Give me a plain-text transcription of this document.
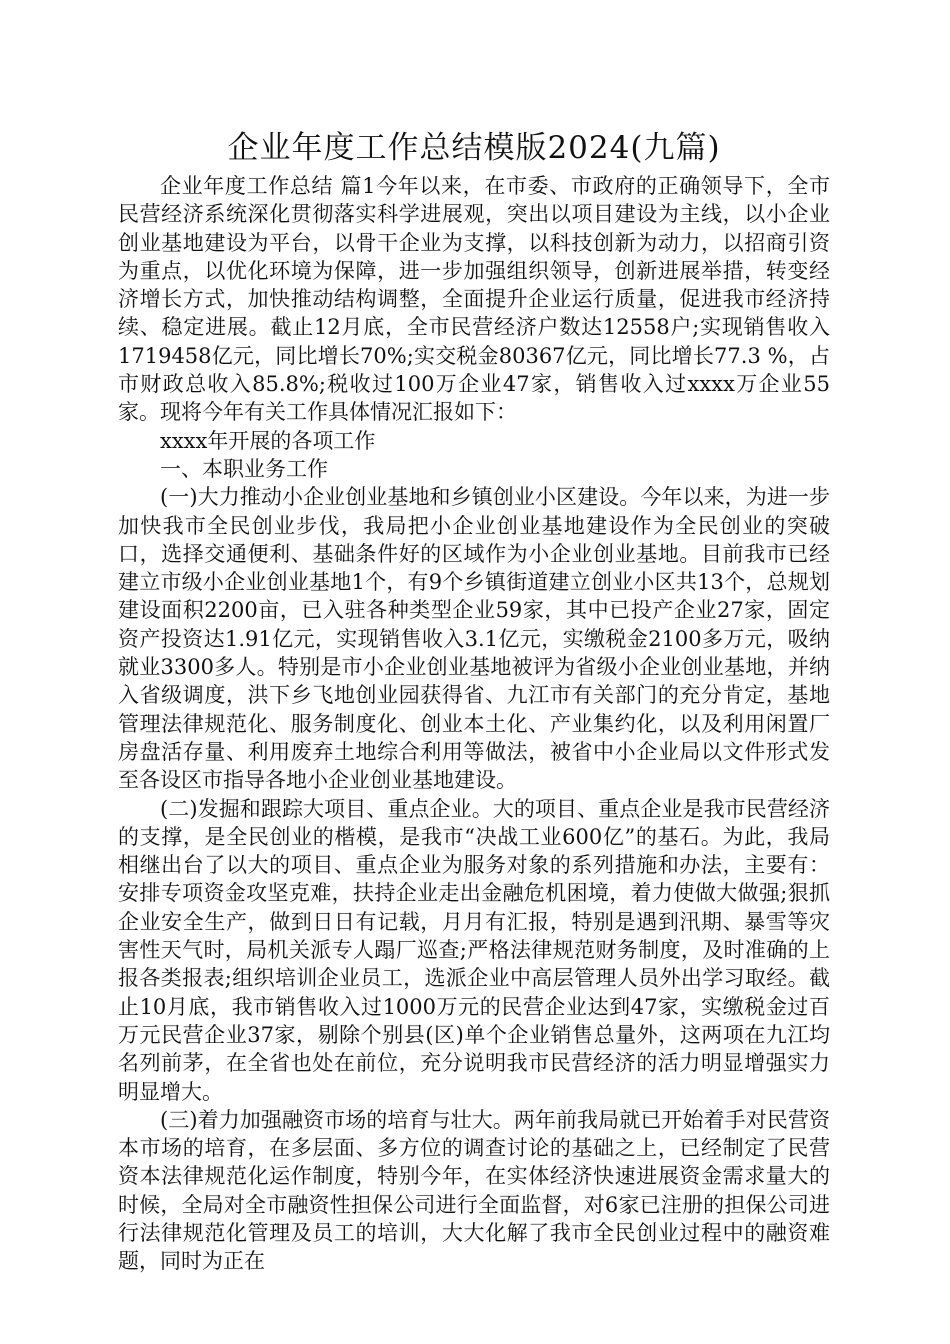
企业年度工作总结模版2024(九篇)

企业年度工作总结 篇1今年以来，在市委、市政府的正确领导下，全市民营经济系统深化贯彻落实科学进展观，突出以项目建设为主线，以小企业创业基地建设为平台，以骨干企业为支撑，以科技创新为动力，以招商引资为重点，以优化环境为保障，进一步加强组织领导，创新进展举措，转变经济增长方式，加快推动结构调整，全面提升企业运行质量，促进我市经济持续、稳定进展。截止12月底，全市民营经济户数达12558户;实现销售收入1719458亿元，同比增长70%;实交税金80367亿元，同比增长77.3 %，占市财政总收入85.8%;税收过100万企业47家，销售收入过xxxx万企业55家。现将今年有关工作具体情况汇报如下：

xxxx年开展的各项工作

一、本职业务工作

(一)大力推动小企业创业基地和乡镇创业小区建设。今年以来，为进一步加快我市全民创业步伐，我局把小企业创业基地建设作为全民创业的突破口，选择交通便利、基础条件好的区域作为小企业创业基地。目前我市已经建立市级小企业创业基地1个，有9个乡镇街道建立创业小区共13个，总规划建设面积2200亩，已入驻各种类型企业59家，其中已投产企业27家，固定资产投资达1.91亿元，实现销售收入3.1亿元，实缴税金2100多万元，吸纳就业3300多人。特别是市小企业创业基地被评为省级小企业创业基地，并纳入省级调度，洪下乡飞地创业园获得省、九江市有关部门的充分肯定，基地管理法律规范化、服务制度化、创业本土化、产业集约化，以及利用闲置厂房盘活存量、利用废弃土地综合利用等做法，被省中小企业局以文件形式发至各设区市指导各地小企业创业基地建设。

(二)发掘和跟踪大项目、重点企业。大的项目、重点企业是我市民营经济的支撑，是全民创业的楷模，是我市“决战工业600亿”的基石。为此，我局相继出台了以大的项目、重点企业为服务对象的系列措施和办法，主要有：安排专项资金攻坚克难，扶持企业走出金融危机困境，着力使做大做强;狠抓企业安全生产，做到日日有记载，月月有汇报，特别是遇到汛期、暴雪等灾害性天气时，局机关派专人蹋厂巡查;严格法律规范财务制度，及时准确的上报各类报表;组织培训企业员工，选派企业中高层管理人员外出学习取经。截止10月底，我市销售收入过1000万元的民营企业达到47家，实缴税金过百万元民营企业37家，剔除个别县(区)单个企业销售总量外，这两项在九江均名列前茅，在全省也处在前位，充分说明我市民营经济的活力明显增强实力明显增大。

(三)着力加强融资市场的培育与壮大。两年前我局就已开始着手对民营资本市场的培育，在多层面、多方位的调查讨论的基础之上，已经制定了民营资本法律规范化运作制度，特别今年，在实体经济快速进展资金需求量大的时候，全局对全市融资性担保公司进行全面监督，对6家已注册的担保公司进行法律规范化管理及员工的培训，大大化解了我市全民创业过程中的融资难题，同时为正在
